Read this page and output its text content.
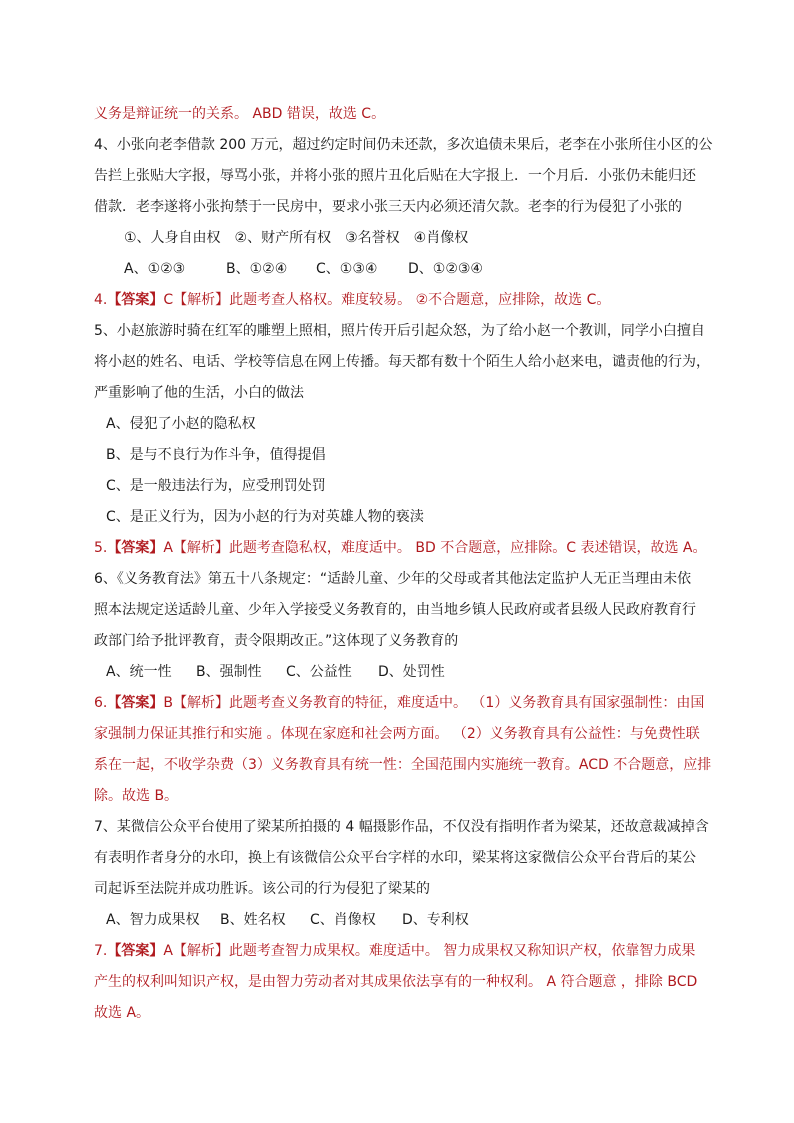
义务是辩证统一的关系。 ABD 错误，故选 C。
4、小张向老李借款 200 万元，超过约定时间仍未还款，多次追债未果后，老李在小张所住小区的公
告拦上张贴大字报，辱骂小张，并将小张的照片丑化后贴在大字报上．一个月后．小张仍未能归还
借款．老李遂将小张拘禁于一民房中，要求小张三天内必须还清欠款。老李的行为侵犯了小张的
①、人身自由权　②、财产所有权　③名誉权　④肖像权
A、①②③	B、①②④ C、①③④ D、①②③④
4.【答案】C【解析】此题考查人格权。难度较易。 ②不合题意，应排除，故选 C。
5、小赵旅游时骑在红军的雕塑上照相，照片传开后引起众怒，为了给小赵一个教训，同学小白擅自
将小赵的姓名、电话、学校等信息在网上传播。每天都有数十个陌生人给小赵来电，谴责他的行为，
严重影响了他的生活，小白的做法
A、侵犯了小赵的隐私权
B、是与不良行为作斗争，值得提倡
C、是一般违法行为，应受刑罚处罚
C、是正义行为，因为小赵的行为对英雄人物的亵渎
5.【答案】A【解析】此题考查隐私权，难度适中。 BD 不合题意，应排除。C 表述错误，故选 A。
6、《义务教育法》第五十八条规定：“适龄儿童、少年的父母或者其他法定监护人无正当理由未依
照本法规定送适龄儿童、少年入学接受义务教育的，由当地乡镇人民政府或者县级人民政府教育行
政部门给予批评教育，责令限期改正。”这体现了义务教育的
A、统一性 B、强制性 C、公益性 D、处罚性
6.【答案】B【解析】此题考查义务教育的特征，难度适中。 （1）义务教育具有国家强制性：由国
家强制力保证其推行和实施 。体现在家庭和社会两方面。 （2）义务教育具有公益性：与免费性联
系在一起，不收学杂费（3）义务教育具有统一性：全国范围内实施统一教育。ACD 不合题意，应排
除。故选 B。
7、某微信公众平台使用了梁某所拍摄的 4 幅摄影作品，不仅没有指明作者为梁某，还故意裁减掉含
有表明作者身分的水印，换上有该微信公众平台字样的水印，梁某将这家微信公众平台背后的某公
司起诉至法院并成功胜诉。该公司的行为侵犯了梁某的
A、智力成果权 B、姓名权 C、肖像权 D、专利权
7.【答案】A【解析】此题考查智力成果权。难度适中。 智力成果权又称知识产权，依靠智力成果
产生的权利叫知识产权，是由智力劳动者对其成果依法享有的一种权利。 A 符合题意 ，排除 BCD
故选 A。
